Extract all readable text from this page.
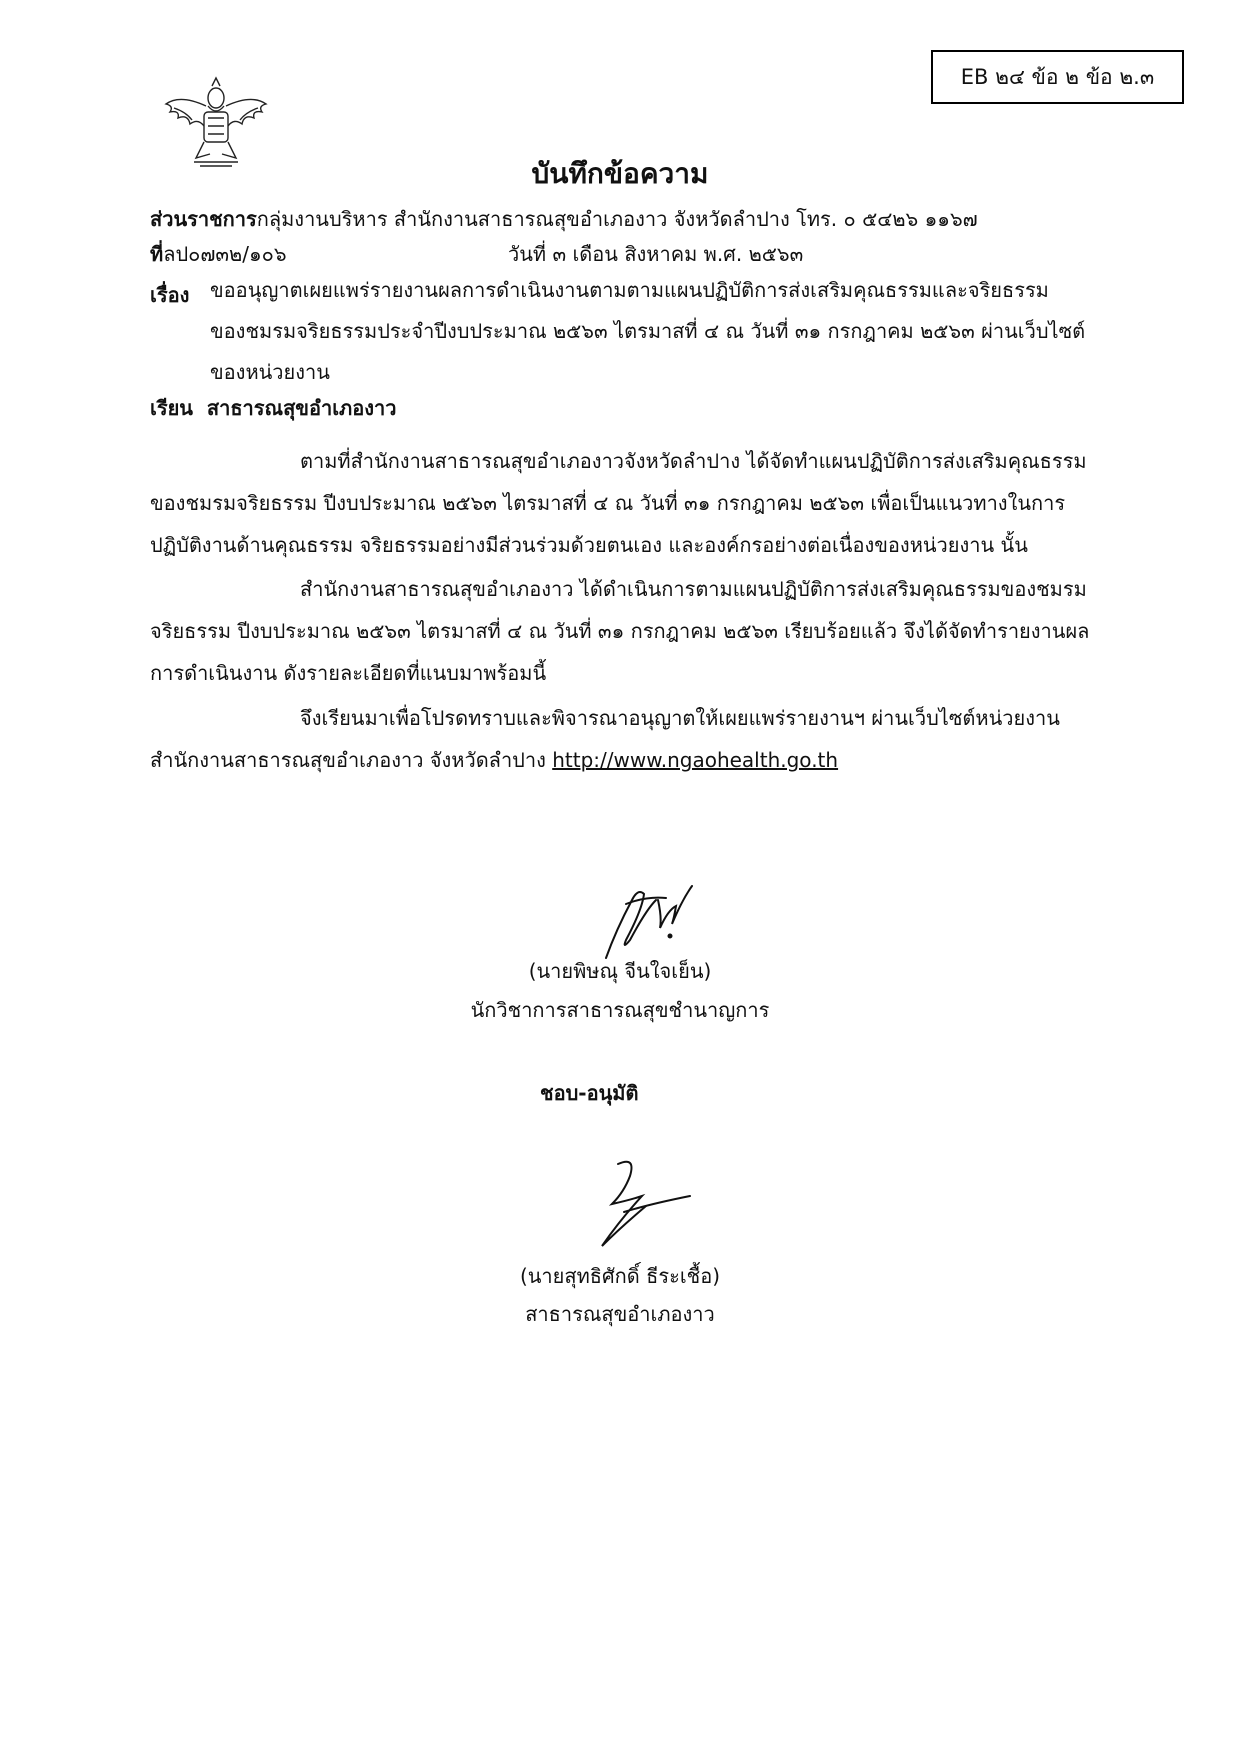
EB ๒๔ ข้อ ๒ ข้อ ๒.๓
บันทึกข้อความ
ส่วนราชการกลุ่มงานบริหาร สำนักงานสาธารณสุขอำเภองาว จังหวัดลำปาง โทร. ๐ ๕๔๒๖ ๑๑๖๗
ที่ลป๐๗๓๒/๑๐๖	วันที่ ๓ เดือน สิงหาคม พ.ศ. ๒๕๖๓
เรื่อง ขออนุญาตเผยแพร่รายงานผลการดำเนินงานตามตามแผนปฏิบัติการส่งเสริมคุณธรรมและจริยธรรม
ของชมรมจริยธรรมประจำปีงบประมาณ ๒๕๖๓ ไตรมาสที่ ๔ ณ วันที่ ๓๑ กรกฎาคม ๒๕๖๓ ผ่านเว็บไซต์
ของหน่วยงาน
เรียน สาธารณสุขอำเภองาว
ตามที่สำนักงานสาธารณสุขอำเภองาวจังหวัดลำปาง ได้จัดทำแผนปฏิบัติการส่งเสริมคุณธรรม
ของชมรมจริยธรรม ปีงบประมาณ ๒๕๖๓ ไตรมาสที่ ๔ ณ วันที่ ๓๑ กรกฎาคม ๒๕๖๓ เพื่อเป็นแนวทางในการ
ปฏิบัติงานด้านคุณธรรม จริยธรรมอย่างมีส่วนร่วมด้วยตนเอง และองค์กรอย่างต่อเนื่องของหน่วยงาน นั้น
สำนักงานสาธารณสุขอำเภองาว ได้ดำเนินการตามแผนปฏิบัติการส่งเสริมคุณธรรมของชมรม
จริยธรรม ปีงบประมาณ ๒๕๖๓ ไตรมาสที่ ๔ ณ วันที่ ๓๑ กรกฎาคม ๒๕๖๓ เรียบร้อยแล้ว จึงได้จัดทำรายงานผล
การดำเนินงาน ดังรายละเอียดที่แนบมาพร้อมนี้
จึงเรียนมาเพื่อโปรดทราบและพิจารณาอนุญาตให้เผยแพร่รายงานฯ ผ่านเว็บไซต์หน่วยงาน
สำนักงานสาธารณสุขอำเภองาว จังหวัดลำปาง http://www.ngaohealth.go.th
(นายพิษณุ จีนใจเย็น)
นักวิชาการสาธารณสุขชำนาญการ
ชอบ-อนุมัติ
(นายสุทธิศักดิ์ ธีระเชื้อ)
สาธารณสุขอำเภองาว
